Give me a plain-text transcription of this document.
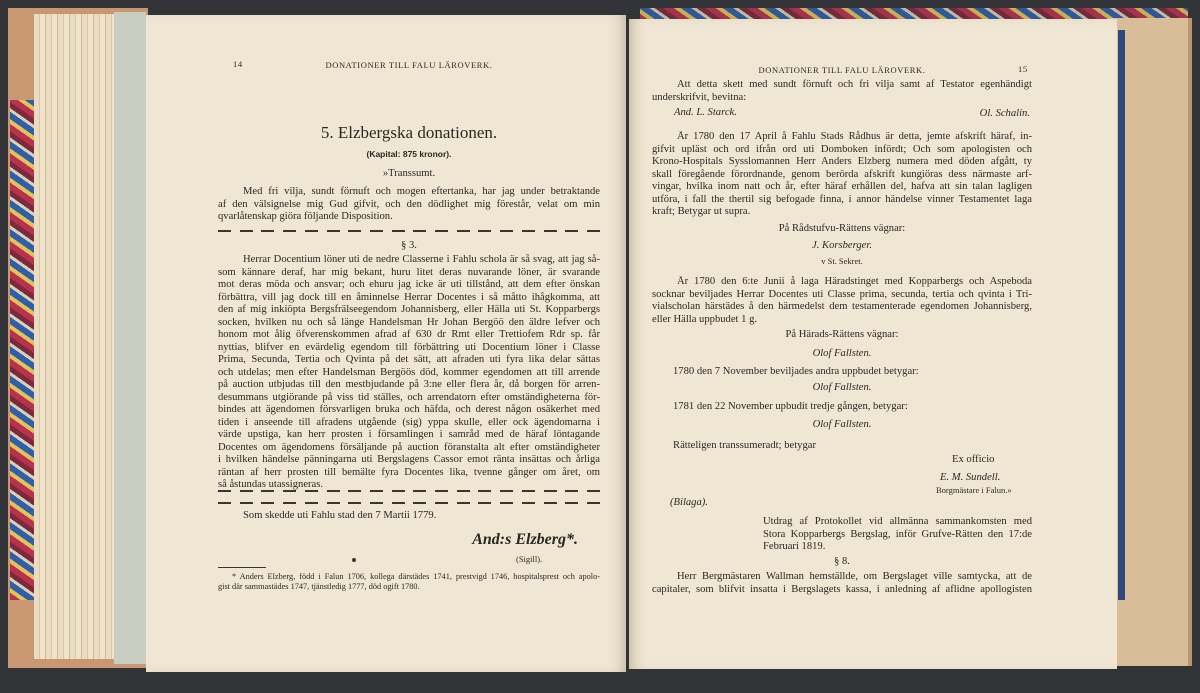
14	DONATIONER TILL FALU LÄROVERK.
5. Elzbergska donationen.
(Kapital: 875 kronor).
»Transsumt.
Med fri vilja, sundt förnuft och mogen eftertanka, har jag under betraktande
af den välsignelse mig Gud gifvit, och den dödlighet mig förestår, velat om min
qvarlåtenskap giöra följande Disposition.
§ 3.
Herrar Docentium löner uti de nedre Classerne i Fahlu schola är så svag, att jag så-
som kännare deraf, har mig bekant, huru litet deras nuvarande löner, är svarande
mot deras möda och ansvar; och ehuru jag icke är uti tillstånd, att dem efter önskan
förbättra, vill jag dock till en åminnelse Herrar Docentes i så måtto ihågkomma, att
den af mig inkiöpta Bergsfrälseegendom Johannisberg, eller Hälla uti St. Kopparbergs
socken, hvilken nu och så länge Handelsman Hr Johan Bergöö den äldre lefver och
honom mot ålig öfverenskommen afrad af 630 dr Rmt eller Trettiofem Rdr sp. får
nyttias, blifver en evärdelig egendom till förbättring uti Docentium löner i Classe
Prima, Secunda, Tertia och Qvinta på det sätt, att afraden uti fyra lika delar sättas
och utdelas; men efter Handelsman Bergöös död, kommer egendomen att till arrende
på auction utbjudas till den mestbjudande på 3:ne eller flera år, då borgen för arren-
desummans utgiörande på viss tid ställes, och arrendatorn efter omständigheterna för-
bindes att ägendomen försvarligen bruka och häfda, och derest någon osäkerhet med
tiden i anseende till afradens utgående (sig) yppa skulle, eller ock ägendomarna i
värde upstiga, kan herr prosten i församlingen i samråd med de häraf löntagande
Docentes om ägendomens försäljande på auction föranstalta alt efter omständigheter
i hvilken händelse pänningarna uti Bergslagens Cassor emot ränta insättas och årliga
räntan af herr prosten till bemälte fyra Docentes lika, tvenne gånger om året, om
så åstundas utassigneras.
Som skedde uti Fahlu stad den 7 Martii 1779.
And:s Elzberg*.
(Sigill).
* Anders Elzberg, född i Falun 1706, kollega därstädes 1741, prestvigd 1746, hospitalsprest och apolo-
gist där sammastädes 1747, tjänstledig 1777, död ogift 1780.
DONATIONER TILL FALU LÄROVERK.	15
Att detta skett med sundt förnuft och fri vilja samt af Testator egenhändigt
underskrifvit, bevitna:
And. L. Starck.	Ol. Schalin.
År 1780 den 17 April å Fahlu Stads Rådhus är detta, jemte afskrift häraf, in-
gifvit upläst och ord ifrån ord uti Domboken infördt; Och som apologisten och
Krono-Hospitals Sysslomannen Herr Anders Elzberg numera med döden afgått, ty
skall föregående förordnande, genom berörda afskrift kungiöras dess närmaste arf-
vingar, hvilka inom natt och år, efter häraf erhållen del, hafva att sin talan lagligen
utföra, i fall the thertil sig befogade finna, i annor händelse vinner Testamentet laga
kraft; Betygar ut supra.
På Rådstufvu-Rättens vägnar:
J. Korsberger.
v St. Sekret.
År 1780 den 6:te Junii å laga Häradstinget med Kopparbergs och Aspeboda
socknar beviljades Herrar Docentes uti Classe prima, secunda, tertia och qvinta i Tri-
vialscholan härstädes å den härmedelst dem testamenterade egendomen Johannisberg,
eller Hälla uppbudet 1 g.
På Härads-Rättens vägnar:
Olof Fallsten.
1780 den 7 November beviljades andra uppbudet betygar:
Olof Fallsten.
1781 den 22 November upbudit tredje gången, betygar:
Olof Fallsten.
Rätteligen transsumeradt; betygar
Ex officio
E. M. Sundell.
Borgmästare i Falun.»
(Bilaga).
Utdrag af Protokollet vid allmänna sammankomsten med
Stora Kopparbergs Bergslag, inför Grufve-Rätten den 17:de
Februari 1819.
§ 8.
Herr Bergmästaren Wallman hemställde, om Bergslaget ville samtycka, att de
capitaler, som blifvit insatta i Bergslagets kassa, i anledning af aflidne apollogisten
